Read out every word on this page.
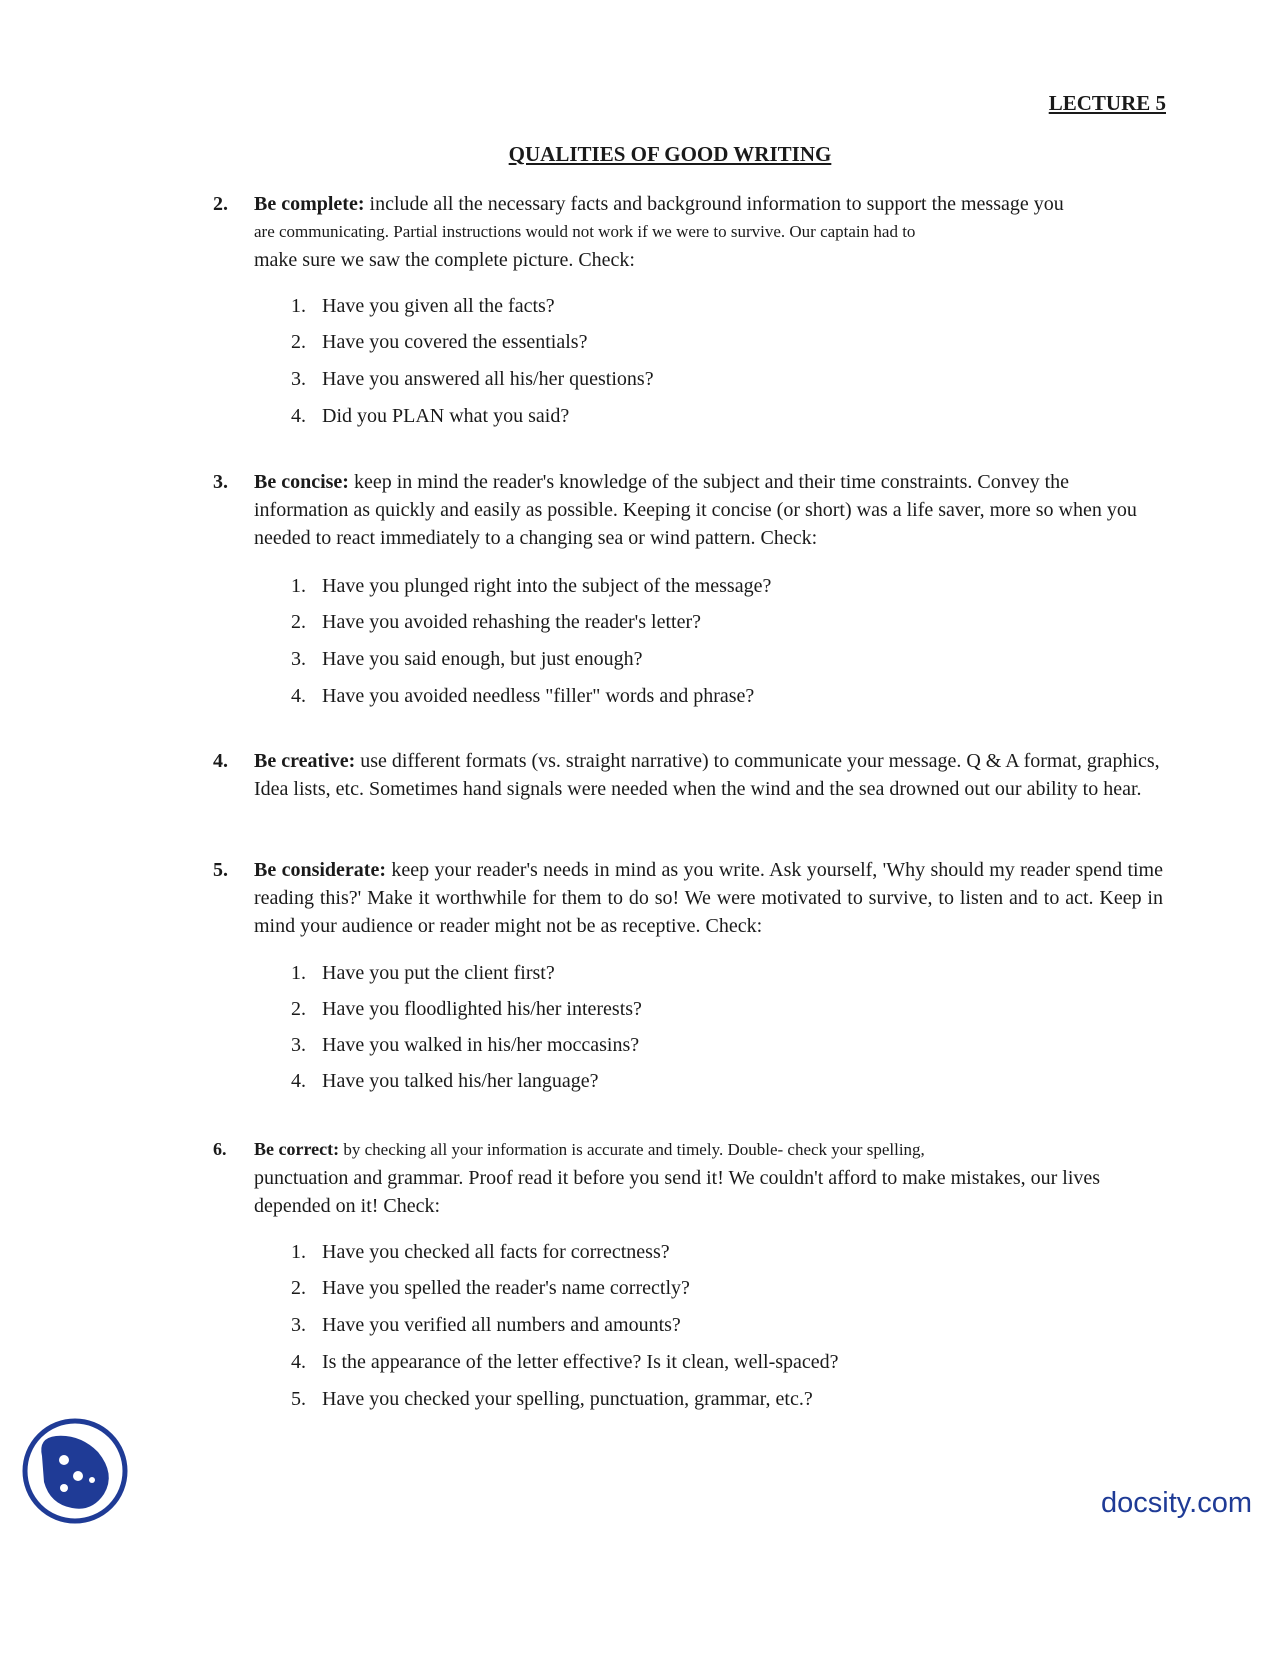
LECTURE 5
QUALITIES OF GOOD WRITING
2.	Be complete: include all the necessary facts and background information to support the message you
are communicating. Partial instructions would not work if we were to survive. Our captain had to
make sure we saw the complete picture. Check:
1. Have you given all the facts?
2. Have you covered the essentials?
3. Have you answered all his/her questions?
4. Did you PLAN what you said?
3.	Be concise: keep in mind the reader's knowledge of the subject and their time constraints. Convey the information as quickly and easily as possible. Keeping it concise (or short) was a life saver, more so when you needed to react immediately to a changing sea or wind pattern. Check:
1. Have you plunged right into the subject of the message?
2. Have you avoided rehashing the reader's letter?
3. Have you said enough, but just enough?
4. Have you avoided needless "filler" words and phrase?
4.	Be creative: use different formats (vs. straight narrative) to communicate your message. Q & A format, graphics, Idea lists, etc. Sometimes hand signals were needed when the wind and the sea drowned out our ability to hear.
5.	Be considerate: keep your reader's needs in mind as you write. Ask yourself, 'Why should my reader spend time reading this?' Make it worthwhile for them to do so! We were motivated to survive, to listen and to act. Keep in mind your audience or reader might not be as receptive. Check:
1. Have you put the client first?
2. Have you floodlighted his/her interests?
3. Have you walked in his/her moccasins?
4. Have you talked his/her language?
6.	Be correct: by checking all your information is accurate and timely. Double- check your spelling,
punctuation and grammar. Proof read it before you send it! We couldn't afford to make mistakes, our lives depended on it! Check:
1. Have you checked all facts for correctness?
2. Have you spelled the reader's name correctly?
3. Have you verified all numbers and amounts?
4. Is the appearance of the letter effective? Is it clean, well-spaced?
5. Have you checked your spelling, punctuation, grammar, etc.?
docsity.com
